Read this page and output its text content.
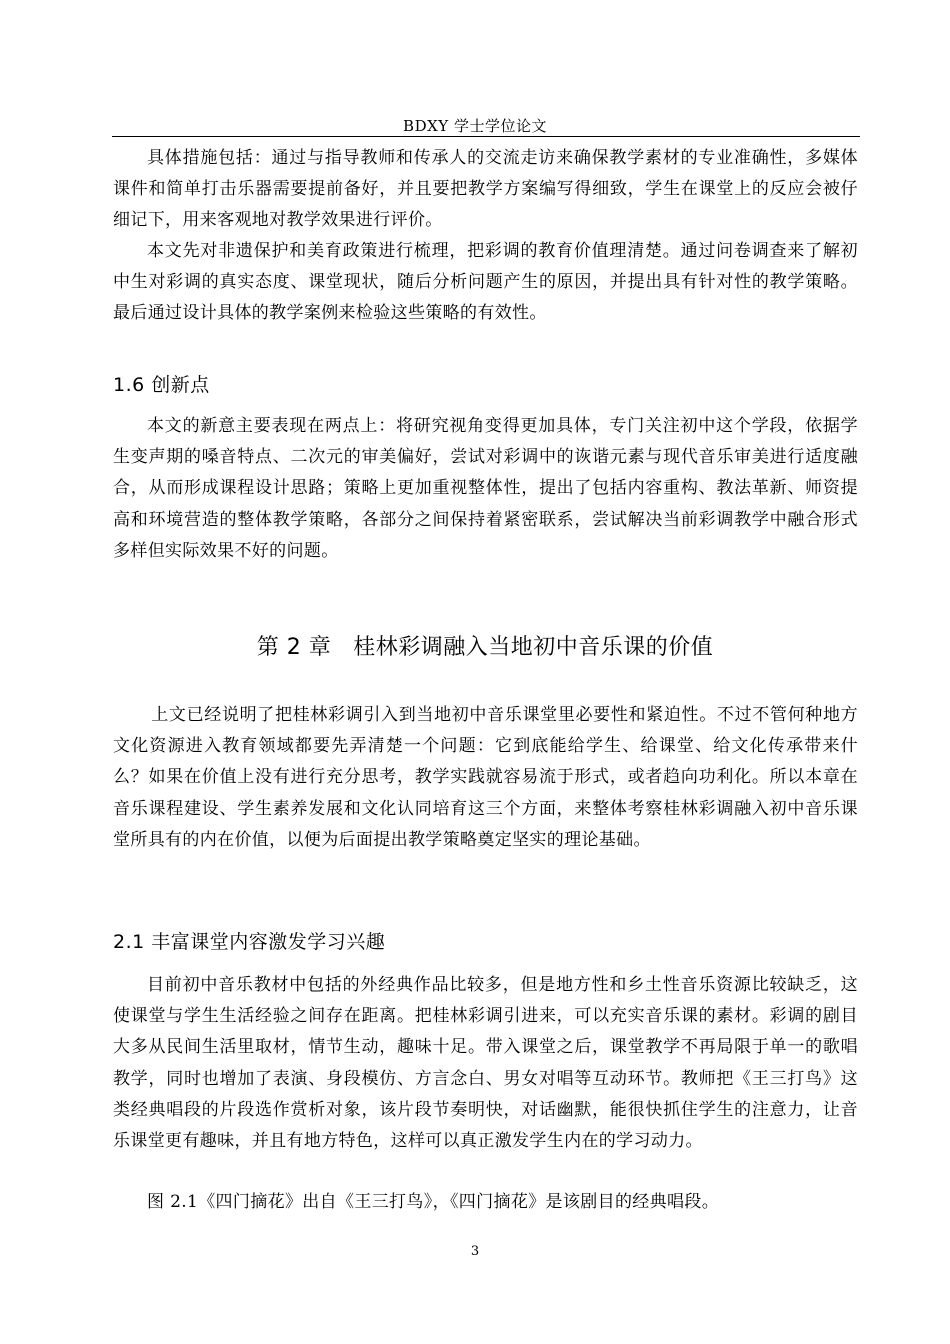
BDXY 学士学位论文

具体措施包括：通过与指导教师和传承人的交流走访来确保教学素材的专业准确性，多媒体课件和简单打击乐器需要提前备好，并且要把教学方案编写得细致，学生在课堂上的反应会被仔细记下，用来客观地对教学效果进行评价。

本文先对非遗保护和美育政策进行梳理，把彩调的教育价值理清楚。通过问卷调查来了解初中生对彩调的真实态度、课堂现状，随后分析问题产生的原因，并提出具有针对性的教学策略。最后通过设计具体的教学案例来检验这些策略的有效性。

1.6 创新点

本文的新意主要表现在两点上：将研究视角变得更加具体，专门关注初中这个学段，依据学生变声期的嗓音特点、二次元的审美偏好，尝试对彩调中的诙谐元素与现代音乐审美进行适度融合，从而形成课程设计思路；策略上更加重视整体性，提出了包括内容重构、教法革新、师资提高和环境营造的整体教学策略，各部分之间保持着紧密联系，尝试解决当前彩调教学中融合形式多样但实际效果不好的问题。

第 2 章 桂林彩调融入当地初中音乐课的价值

上文已经说明了把桂林彩调引入到当地初中音乐课堂里必要性和紧迫性。不过不管何种地方文化资源进入教育领域都要先弄清楚一个问题：它到底能给学生、给课堂、给文化传承带来什么？如果在价值上没有进行充分思考，教学实践就容易流于形式，或者趋向功利化。所以本章在音乐课程建设、学生素养发展和文化认同培育这三个方面，来整体考察桂林彩调融入初中音乐课堂所具有的内在价值，以便为后面提出教学策略奠定坚实的理论基础。

2.1 丰富课堂内容激发学习兴趣

目前初中音乐教材中包括的外经典作品比较多，但是地方性和乡土性音乐资源比较缺乏，这使课堂与学生生活经验之间存在距离。把桂林彩调引进来，可以充实音乐课的素材。彩调的剧目大多从民间生活里取材，情节生动，趣味十足。带入课堂之后，课堂教学不再局限于单一的歌唱教学，同时也增加了表演、身段模仿、方言念白、男女对唱等互动环节。教师把《王三打鸟》这类经典唱段的片段选作赏析对象，该片段节奏明快，对话幽默，能很快抓住学生的注意力，让音乐课堂更有趣味，并且有地方特色，这样可以真正激发学生内在的学习动力。

图 2.1《四门摘花》出自《王三打鸟》，《四门摘花》是该剧目的经典唱段。

3
